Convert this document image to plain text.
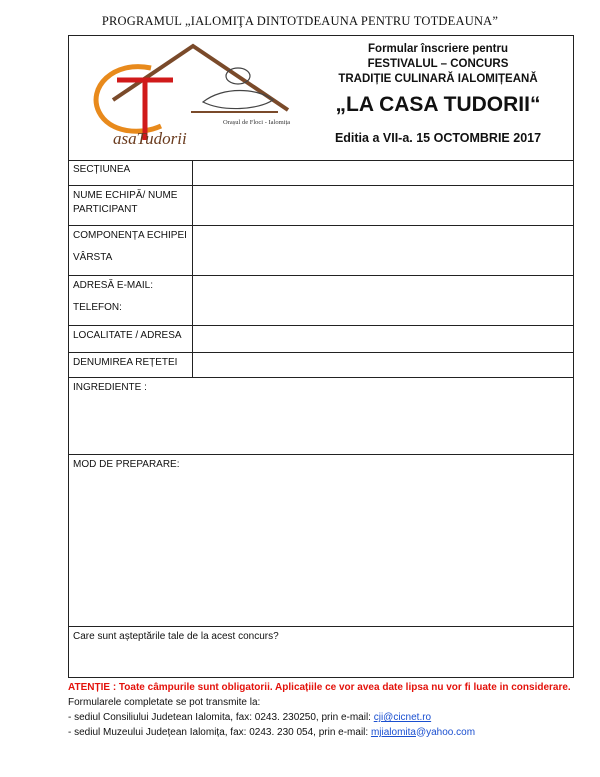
PROGRAMUL „IALOMIŢA DINTOTDEAUNA PENTRU TOTDEAUNA”
Orașul de Floci - Ialomița
asaTudorii
Formular înscriere pentru
FESTIVALUL – CONCURS
TRADIȚIE CULINARĂ IALOMIȚEANĂ
„LA CASA TUDORII“
Editia a VII-a. 15 OCTOMBRIE 2017
SECȚIUNEA
NUME ECHIPĂ/ NUME
PARTICIPANT
COMPONENȚA ECHIPEI
VÂRSTA
ADRESĂ E-MAIL:
TELEFON:
LOCALITATE / ADRESA
DENUMIREA REȚETEI
INGREDIENTE :
MOD DE PREPARARE:
Care sunt așteptările tale de la acest concurs?
ATENȚIE : Toate câmpurile sunt obligatorii. Aplicațiile ce vor avea date lipsa nu vor fi luate in considerare.
Formularele completate se pot transmite la:
- sediul Consiliului Judetean Ialomita, fax: 0243. 230250, prin e-mail: cji@cicnet.ro
- sediul Muzeului Județean Ialomița, fax: 0243. 230 054, prin e-mail: mjialomita@yahoo.com
